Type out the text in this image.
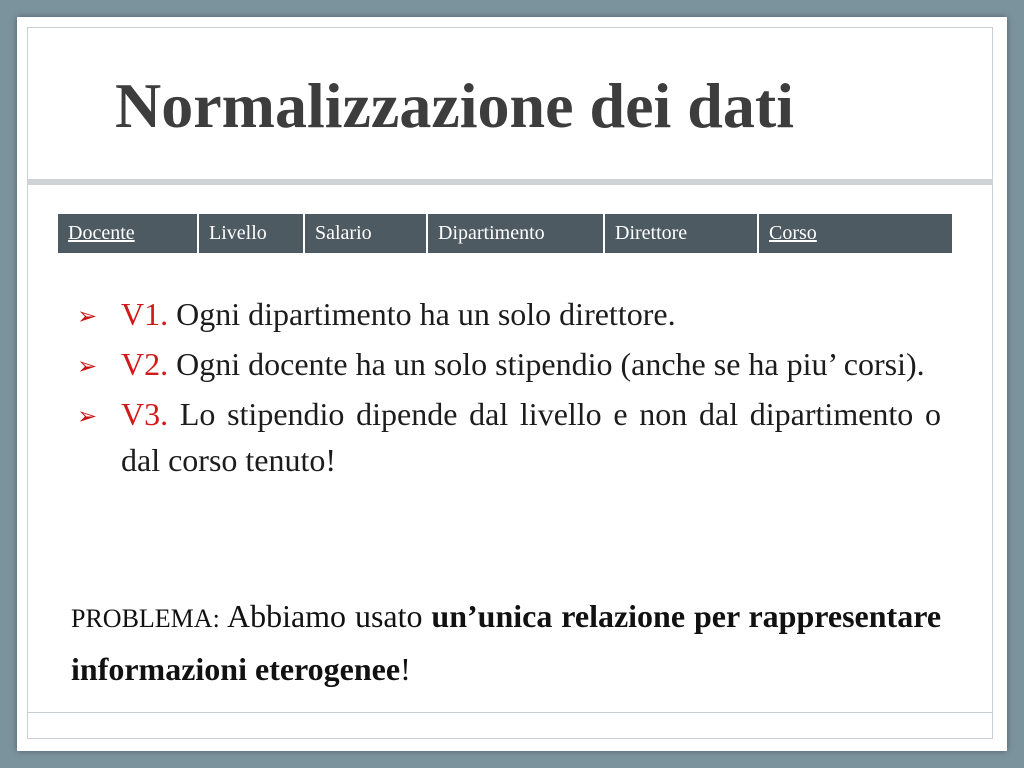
Normalizzazione dei dati
Docente	Livello	Salario	Dipartimento	Direttore	Corso
➢ V1. Ogni dipartimento ha un solo direttore.
➢ V2. Ogni docente ha un solo stipendio (anche se ha piu’ corsi).
➢ V3. Lo stipendio dipende dal livello e non dal dipartimento o dal corso tenuto!

PROBLEMA: Abbiamo usato un’unica relazione per rappresentare informazioni eterogenee!
